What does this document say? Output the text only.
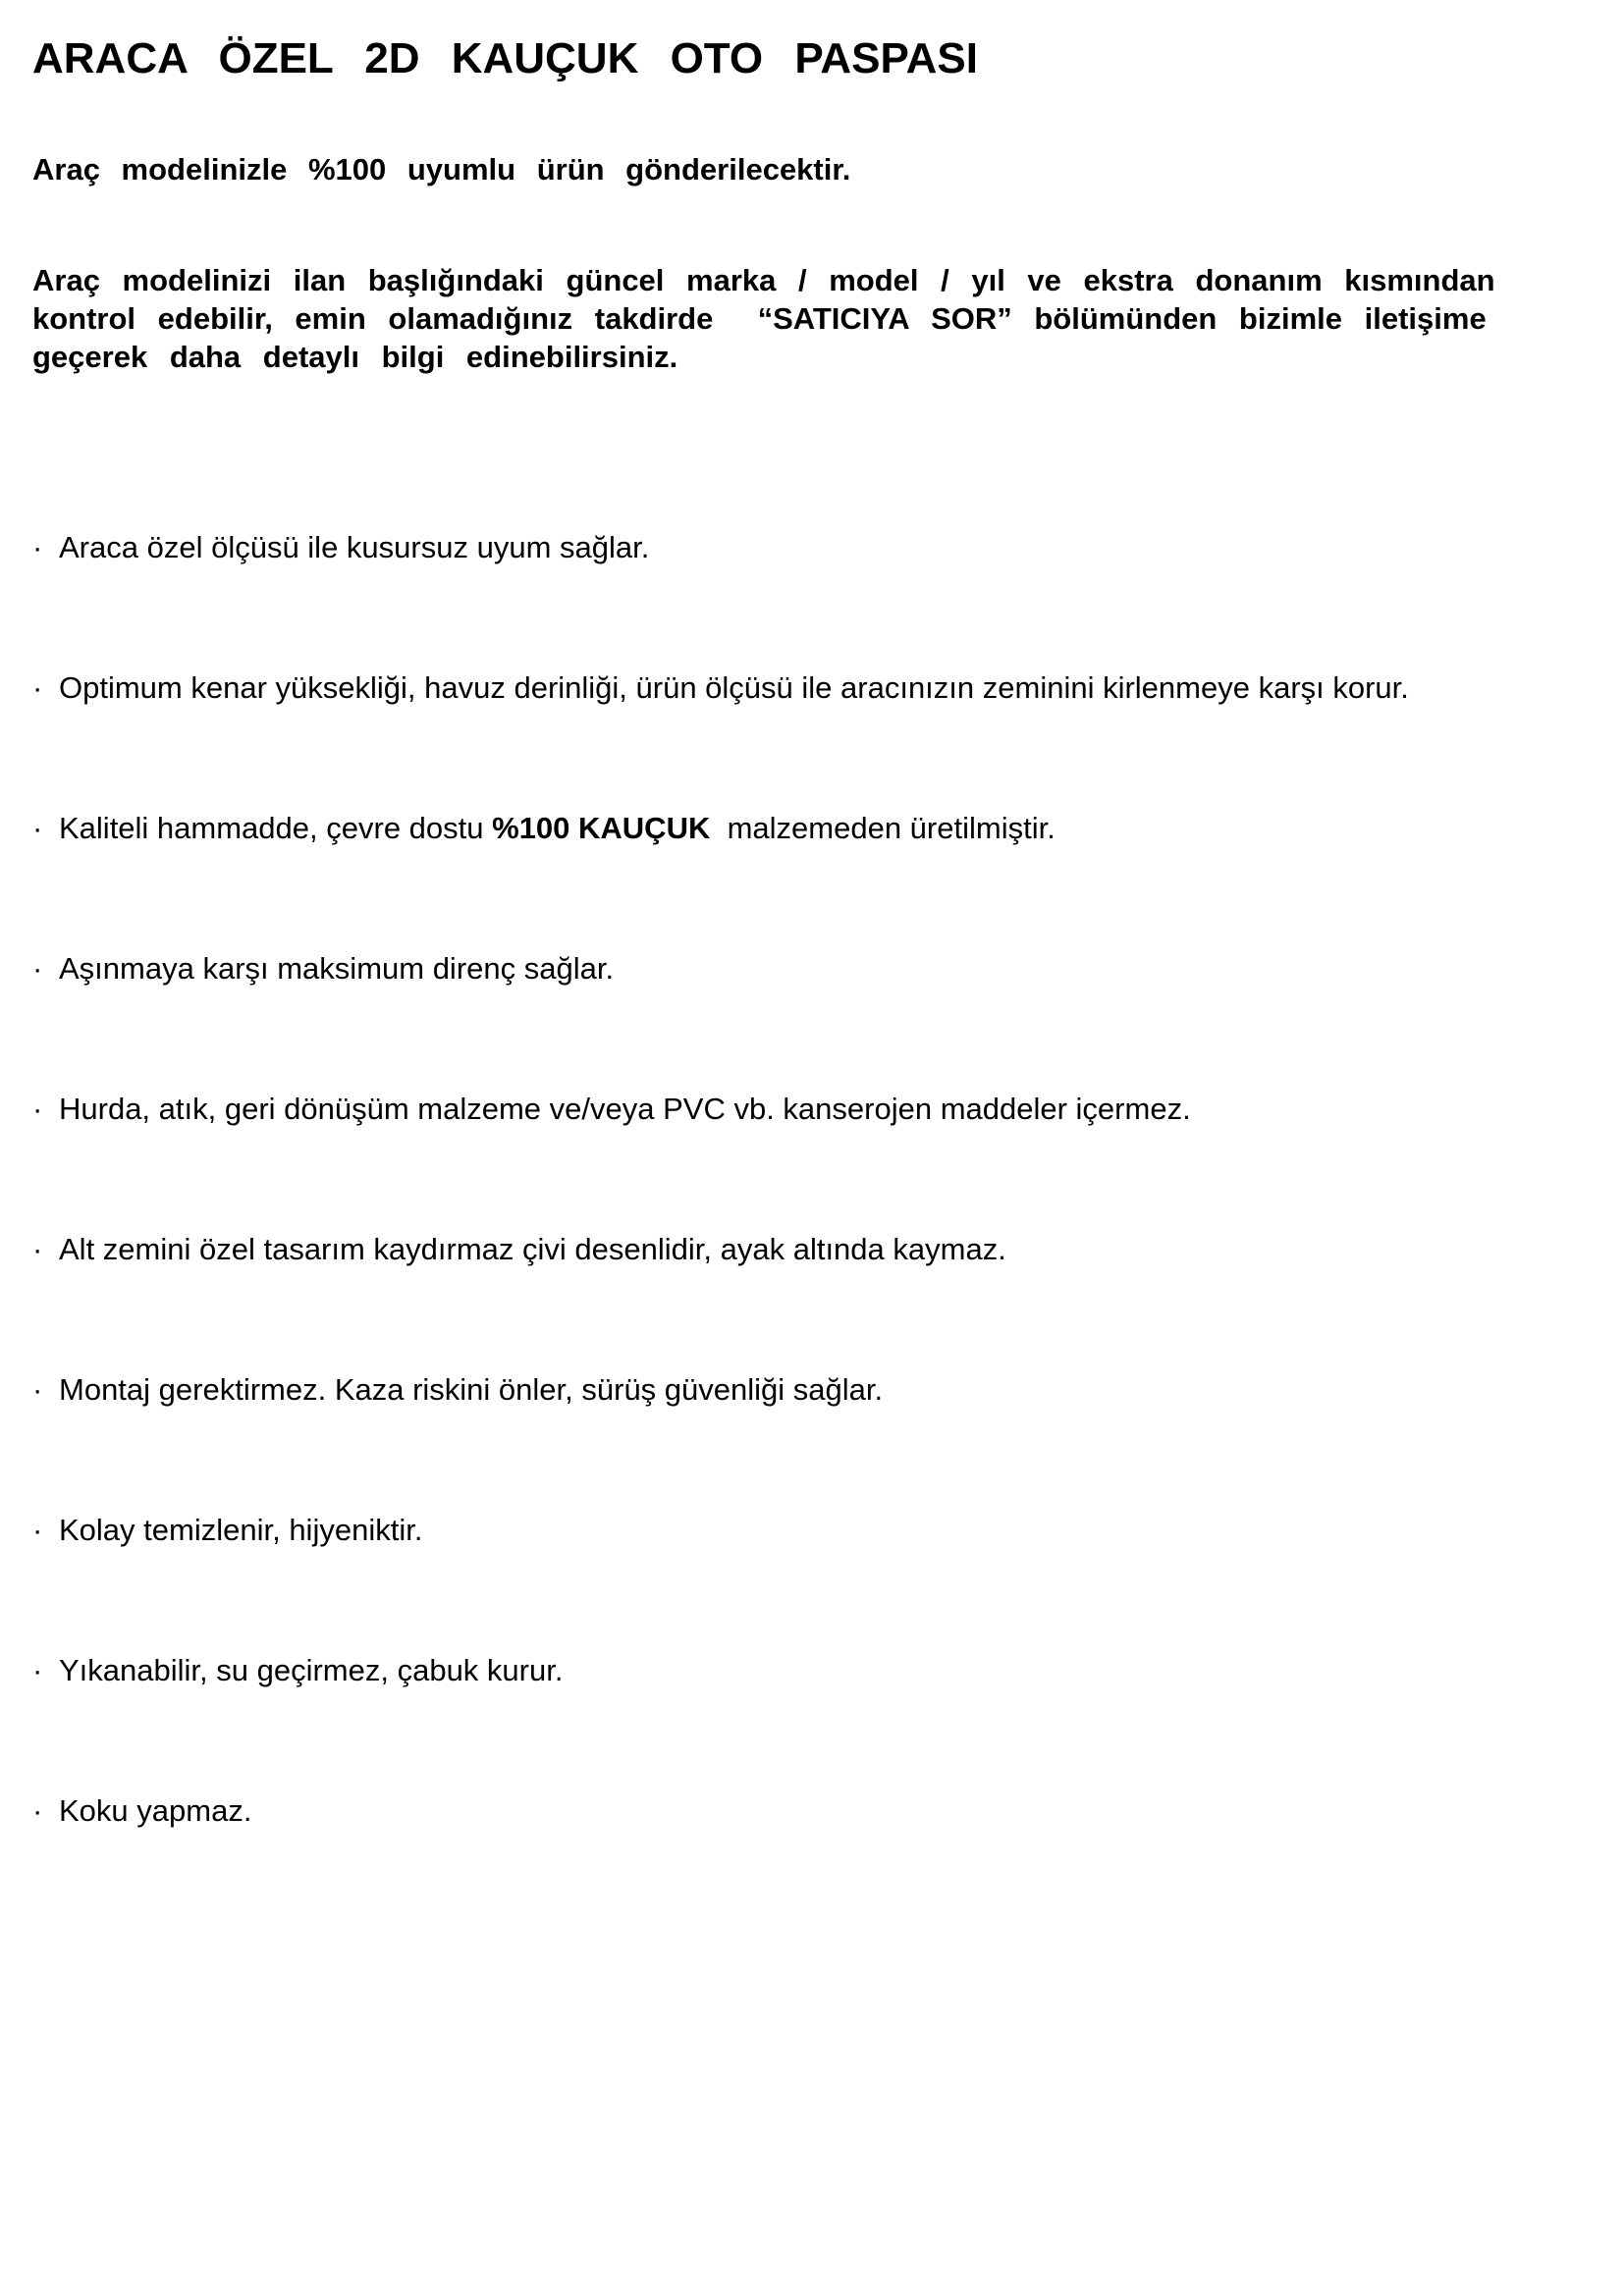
ARACA ÖZEL 2D KAUÇUK OTO PASPASI

Araç modelinizle %100 uyumlu ürün gönderilecektir.

Araç modelinizi ilan başlığındaki güncel marka / model / yıl ve ekstra donanım kısmından
kontrol edebilir, emin olamadığınız takdirde  “SATICIYA SOR” bölümünden bizimle iletişime
geçerek daha detaylı bilgi edinebilirsiniz.
· Araca özel ölçüsü ile kusursuz uyum sağlar.
· Optimum kenar yüksekliği, havuz derinliği, ürün ölçüsü ile aracınızın zeminini kirlenmeye karşı korur.
· Kaliteli hammadde, çevre dostu %100 KAUÇUK  malzemeden üretilmiştir.
· Aşınmaya karşı maksimum direnç sağlar.
· Hurda, atık, geri dönüşüm malzeme ve/veya PVC vb. kanserojen maddeler içermez.
· Alt zemini özel tasarım kaydırmaz çivi desenlidir, ayak altında kaymaz.
· Montaj gerektirmez. Kaza riskini önler, sürüş güvenliği sağlar.
· Kolay temizlenir, hijyeniktir.
· Yıkanabilir, su geçirmez, çabuk kurur.
· Koku yapmaz.
